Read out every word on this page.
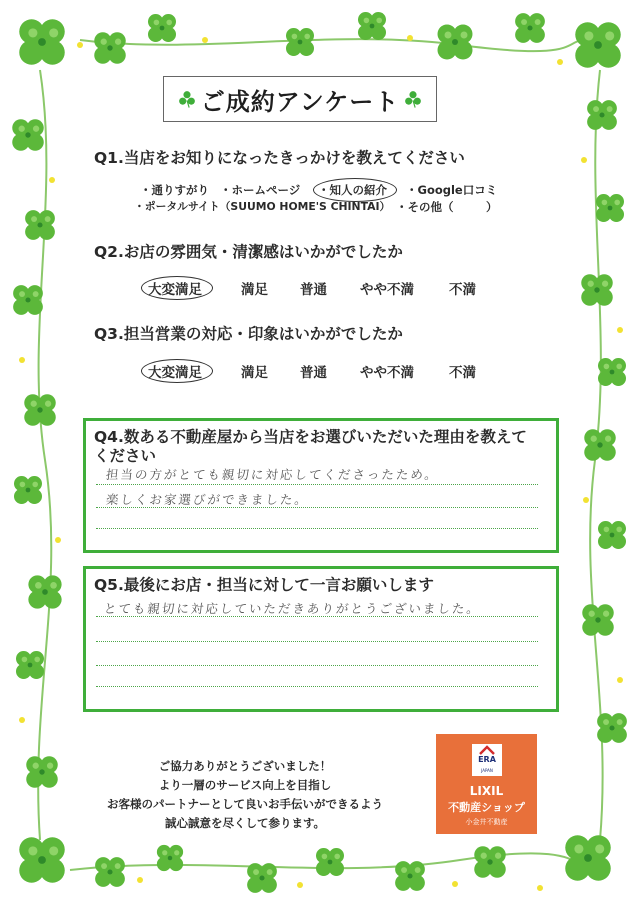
ご成約アンケート
Q1.当店をお知りになったきっかけを教えてください
・通りすがり ・ホームページ ・知人の紹介 ・Google口コミ
・ポータルサイト（SUUMO HOME'S CHINTAI） ・その他（	）
Q2.お店の雰囲気・清潔感はいかがでしたか
大変満足	満足 普通 やや不満	不満
Q3.担当営業の対応・印象はいかがでしたか
大変満足	満足 普通 やや不満	不満
Q4.数ある不動産屋から当店をお選びいただいた理由を教えて
ください
担当の方がとても親切に対応してくださったため。
楽しくお家選びができました。
Q5.最後にお店・担当に対して一言お願いします
とても親切に対応していただきありがとうございました。
ご協力ありがとうございました！
より一層のサービス向上を目指し
お客様のパートナーとして良いお手伝いができるよう
誠心誠意を尽くして参ります。
ERA
JAPAN
LIXIL
不動産ショップ
小金井不動産
